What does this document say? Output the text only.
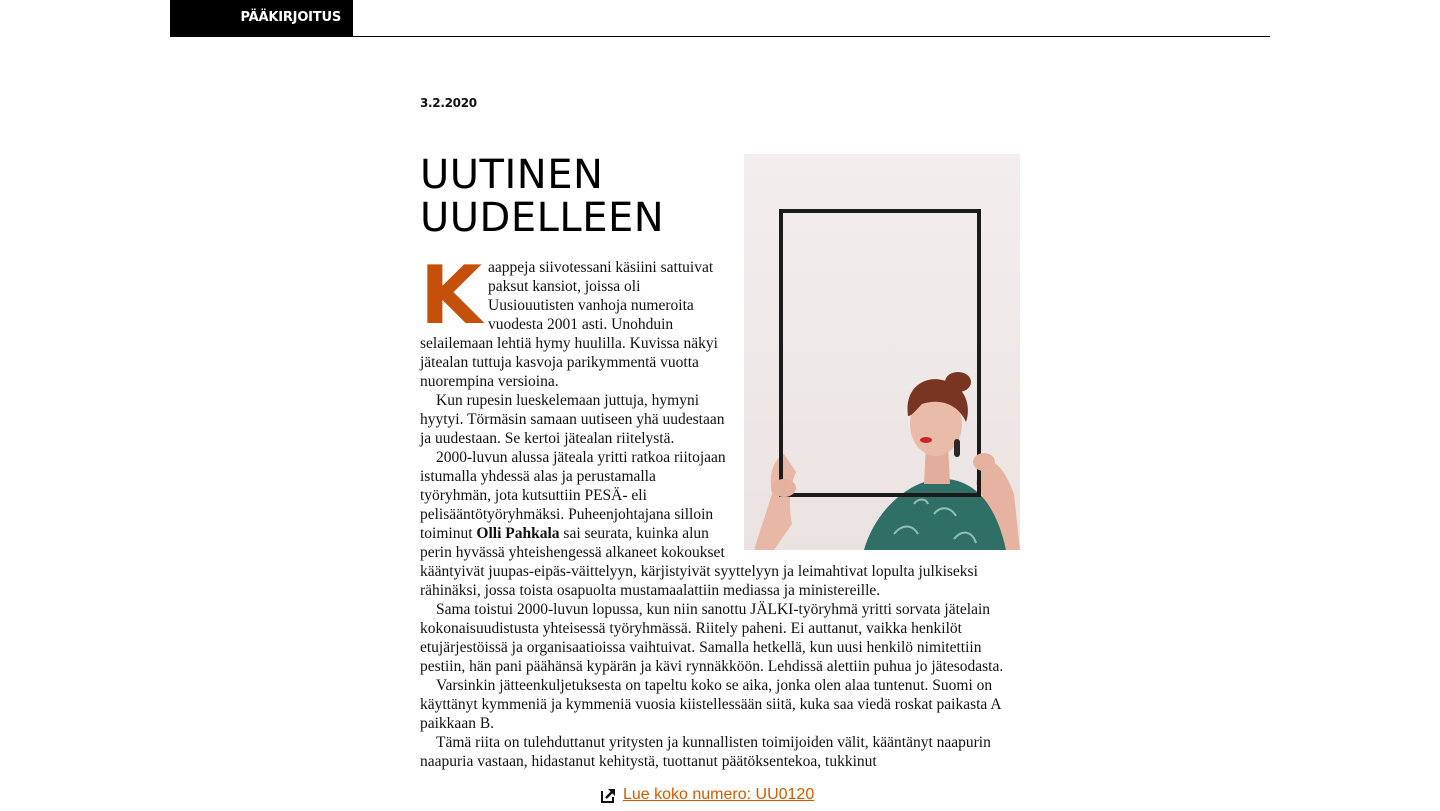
PÄÄKIRJOITUS
3.2.2020
UUTINEN UUDELLEEN
K aappeja siivotessani käsiini sattuivat paksut kansiot, joissa oli Uusiouutisten vanhoja numeroita vuodesta 2001 asti. Unohduin selailemaan lehtiä hymy huulilla. Kuvissa näkyi jätealan tuttuja kasvoja parikymmentä vuotta nuorempina versioina.

Kun rupesin lueskelemaan juttuja, hymyni hyytyi. Törmäsin samaan uutiseen yhä uudestaan ja uudestaan. Se kertoi jätealan riitelystä.

2000-luvun alussa jäteala yritti ratkoa riitojaan istumalla yhdessä alas ja perustamalla työryhmän, jota kutsuttiin PESÄ- eli pelisääntötyöryhmäksi. Puheenjohtajana silloin toiminut Olli Pahkala sai seurata, kuinka alun perin hyvässä yhteishengessä alkaneet kokoukset kääntyivät juupas-eipäs-väittelyyn, kärjistyivät syyttelyyn ja leimahtivat lopulta julkiseksi rähinäksi, jossa toista osapuolta mustamaalattiin mediassa ja ministereille.

Sama toistui 2000-luvun lopussa, kun niin sanottu JÄLKI-työryhmä yritti sorvata jätelain kokonaisuudistusta yhteisessä työryhmässä. Riitely paheni. Ei auttanut, vaikka henkilöt etujärjestöissä ja organisaatioissa vaihtuivat. Samalla hetkellä, kun uusi henkilö nimitettiin pestiin, hän pani päähänsä kypärän ja kävi rynnäkköön. Lehdissä alettiin puhua jo jätesodasta.

Varsinkin jätteenkuljetuksesta on tapeltu koko se aika, jonka olen alaa tuntenut. Suomi on käyttänyt kymmeniä ja kymmeniä vuosia kiistellessään siitä, kuka saa viedä roskat paikasta A paikkaan B.

Tämä riita on tulehduttanut yritysten ja kunnallisten toimijoiden välit, kääntänyt naapurin naapuria vastaan, hidastanut kehitystä, tuottanut päätöksentekoa, tukkinut

Lue koko numero: UU0120
